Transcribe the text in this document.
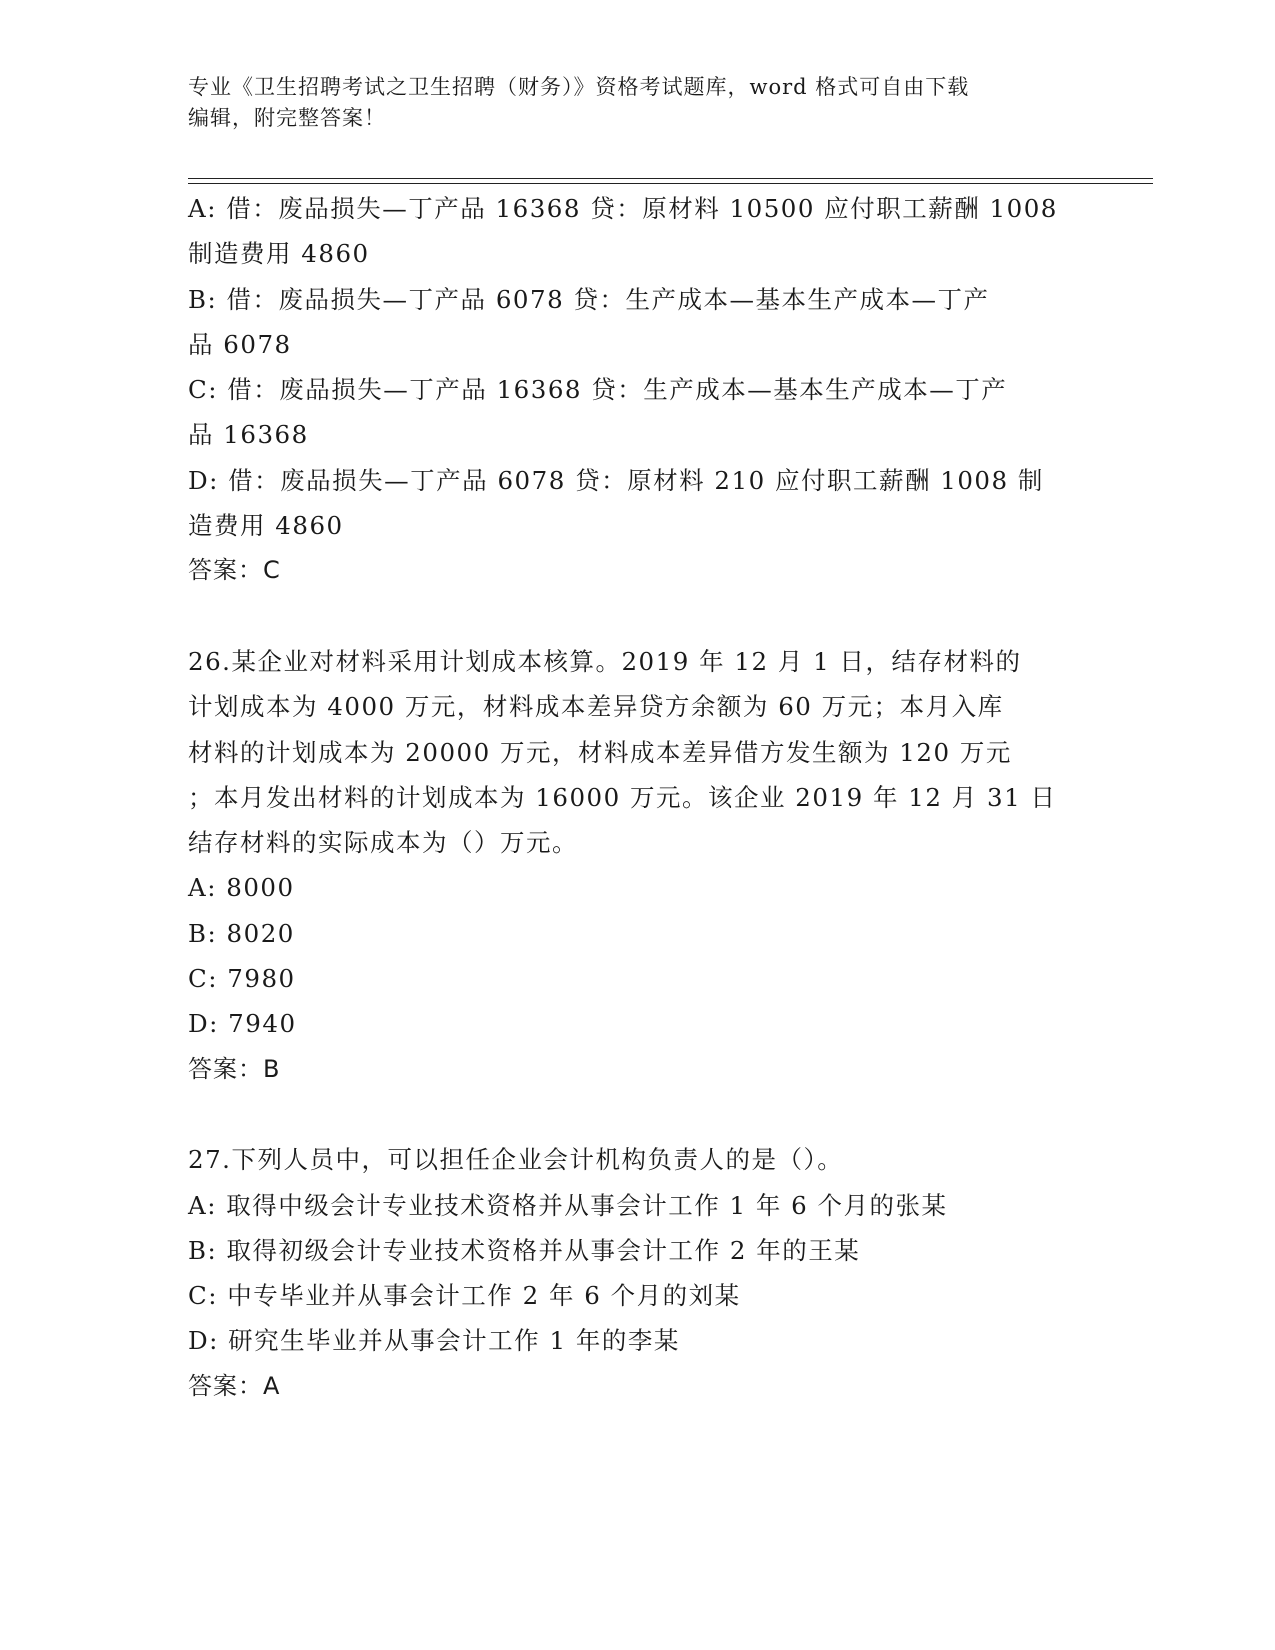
专业《卫生招聘考试之卫生招聘（财务）》资格考试题库，word 格式可自由下载
编辑，附完整答案！
A: 借：废品损失—丁产品 16368 贷：原材料 10500 应付职工薪酬 1008
制造费用 4860
B: 借：废品损失—丁产品 6078 贷：生产成本—基本生产成本—丁产
品 6078
C: 借：废品损失—丁产品 16368 贷：生产成本—基本生产成本—丁产
品 16368
D: 借：废品损失—丁产品 6078 贷：原材料 210 应付职工薪酬 1008 制
造费用 4860
答案：C
26.某企业对材料采用计划成本核算。2019 年 12 月 1 日，结存材料的
计划成本为 4000 万元，材料成本差异贷方余额为 60 万元；本月入库
材料的计划成本为 20000 万元，材料成本差异借方发生额为 120 万元
；本月发出材料的计划成本为 16000 万元。该企业 2019 年 12 月 31 日
结存材料的实际成本为（）万元。
A: 8000
B: 8020
C: 7980
D: 7940
答案：B
27.下列人员中，可以担任企业会计机构负责人的是（）。
A: 取得中级会计专业技术资格并从事会计工作 1 年 6 个月的张某
B: 取得初级会计专业技术资格并从事会计工作 2 年的王某
C: 中专毕业并从事会计工作 2 年 6 个月的刘某
D: 研究生毕业并从事会计工作 1 年的李某
答案：A
